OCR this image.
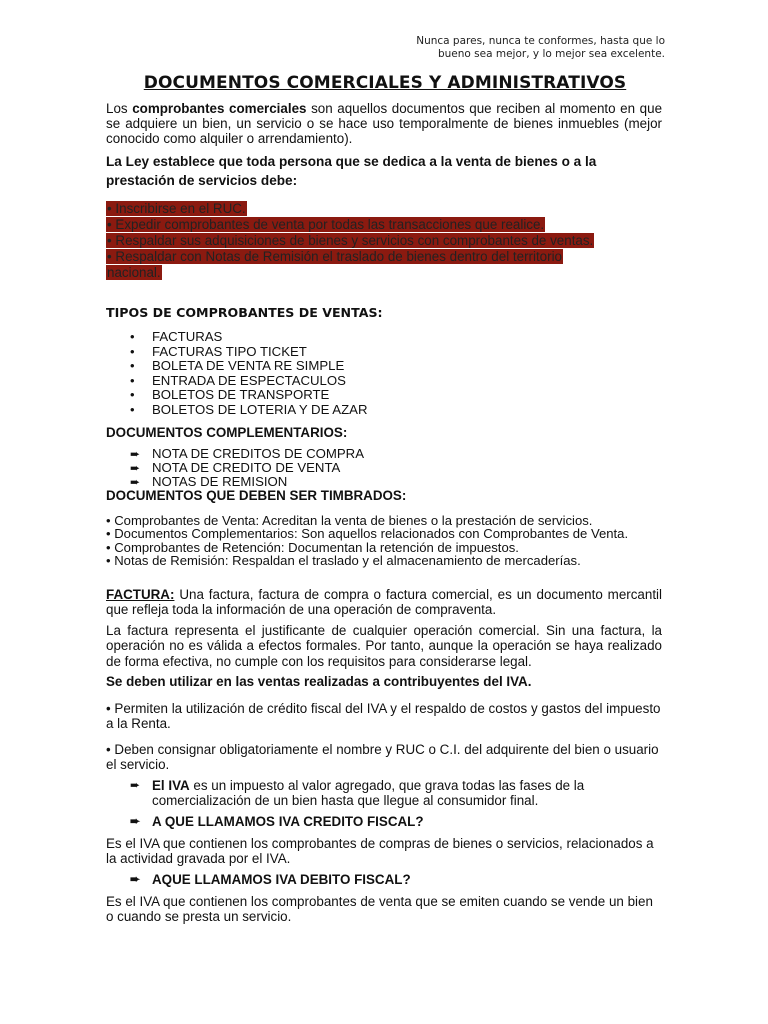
Nunca pares, nunca te conformes, hasta que lo
bueno sea mejor, y lo mejor sea excelente.
DOCUMENTOS COMERCIALES Y ADMINISTRATIVOS
Los comprobantes comerciales son aquellos documentos que reciben al momento en que se adquiere un bien, un servicio o se hace uso temporalmente de bienes inmuebles (mejor conocido como alquiler o arrendamiento).
La Ley establece que toda persona que se dedica a la venta de bienes o a la prestación de servicios debe:
• Inscribirse en el RUC.
• Expedir comprobantes de venta por todas las transacciones que realice.
• Respaldar sus adquisiciones de bienes y servicios con comprobantes de ventas.
• Respaldar con Notas de Remisión el traslado de bienes dentro del territorio
nacional.
TIPOS DE COMPROBANTES DE VENTAS:
• FACTURAS
• FACTURAS TIPO TICKET
• BOLETA DE VENTA RE SIMPLE
• ENTRADA DE ESPECTACULOS
• BOLETOS DE TRANSPORTE
• BOLETOS DE LOTERIA Y DE AZAR
DOCUMENTOS COMPLEMENTARIOS:
➨ NOTA DE CREDITOS DE COMPRA
➨ NOTA DE CREDITO DE VENTA
➨ NOTAS DE REMISION
DOCUMENTOS QUE DEBEN SER TIMBRADOS:

• Comprobantes de Venta: Acreditan la venta de bienes o la prestación de servicios.

• Documentos Complementarios: Son aquellos relacionados con Comprobantes de Venta.

• Comprobantes de Retención: Documentan la retención de impuestos.

• Notas de Remisión: Respaldan el traslado y el almacenamiento de mercaderías.

FACTURA: Una factura, factura de compra o factura comercial, es un documento mercantil que refleja toda la información de una operación de compraventa.
La factura representa el justificante de cualquier operación comercial. Sin una factura, la operación no es válida a efectos formales. Por tanto, aunque la operación se haya realizado de forma efectiva, no cumple con los requisitos para considerarse legal.
Se deben utilizar en las ventas realizadas a contribuyentes del IVA.
• Permiten la utilización de crédito fiscal del IVA y el respaldo de costos y gastos del impuesto a la Renta.
• Deben consignar obligatoriamente el nombre y RUC o C.I. del adquirente del bien o usuario el servicio.
➨ El IVA es un impuesto al valor agregado, que grava todas las fases de la comercialización de un bien hasta que llegue al consumidor final.
➨ A QUE LLAMAMOS IVA CREDITO FISCAL?
Es el IVA que contienen los comprobantes de compras de bienes o servicios, relacionados a la actividad gravada por el IVA.
➨ AQUE LLAMAMOS IVA DEBITO FISCAL?
Es el IVA que contienen los comprobantes de venta que se emiten cuando se vende un bien o cuando se presta un servicio.
